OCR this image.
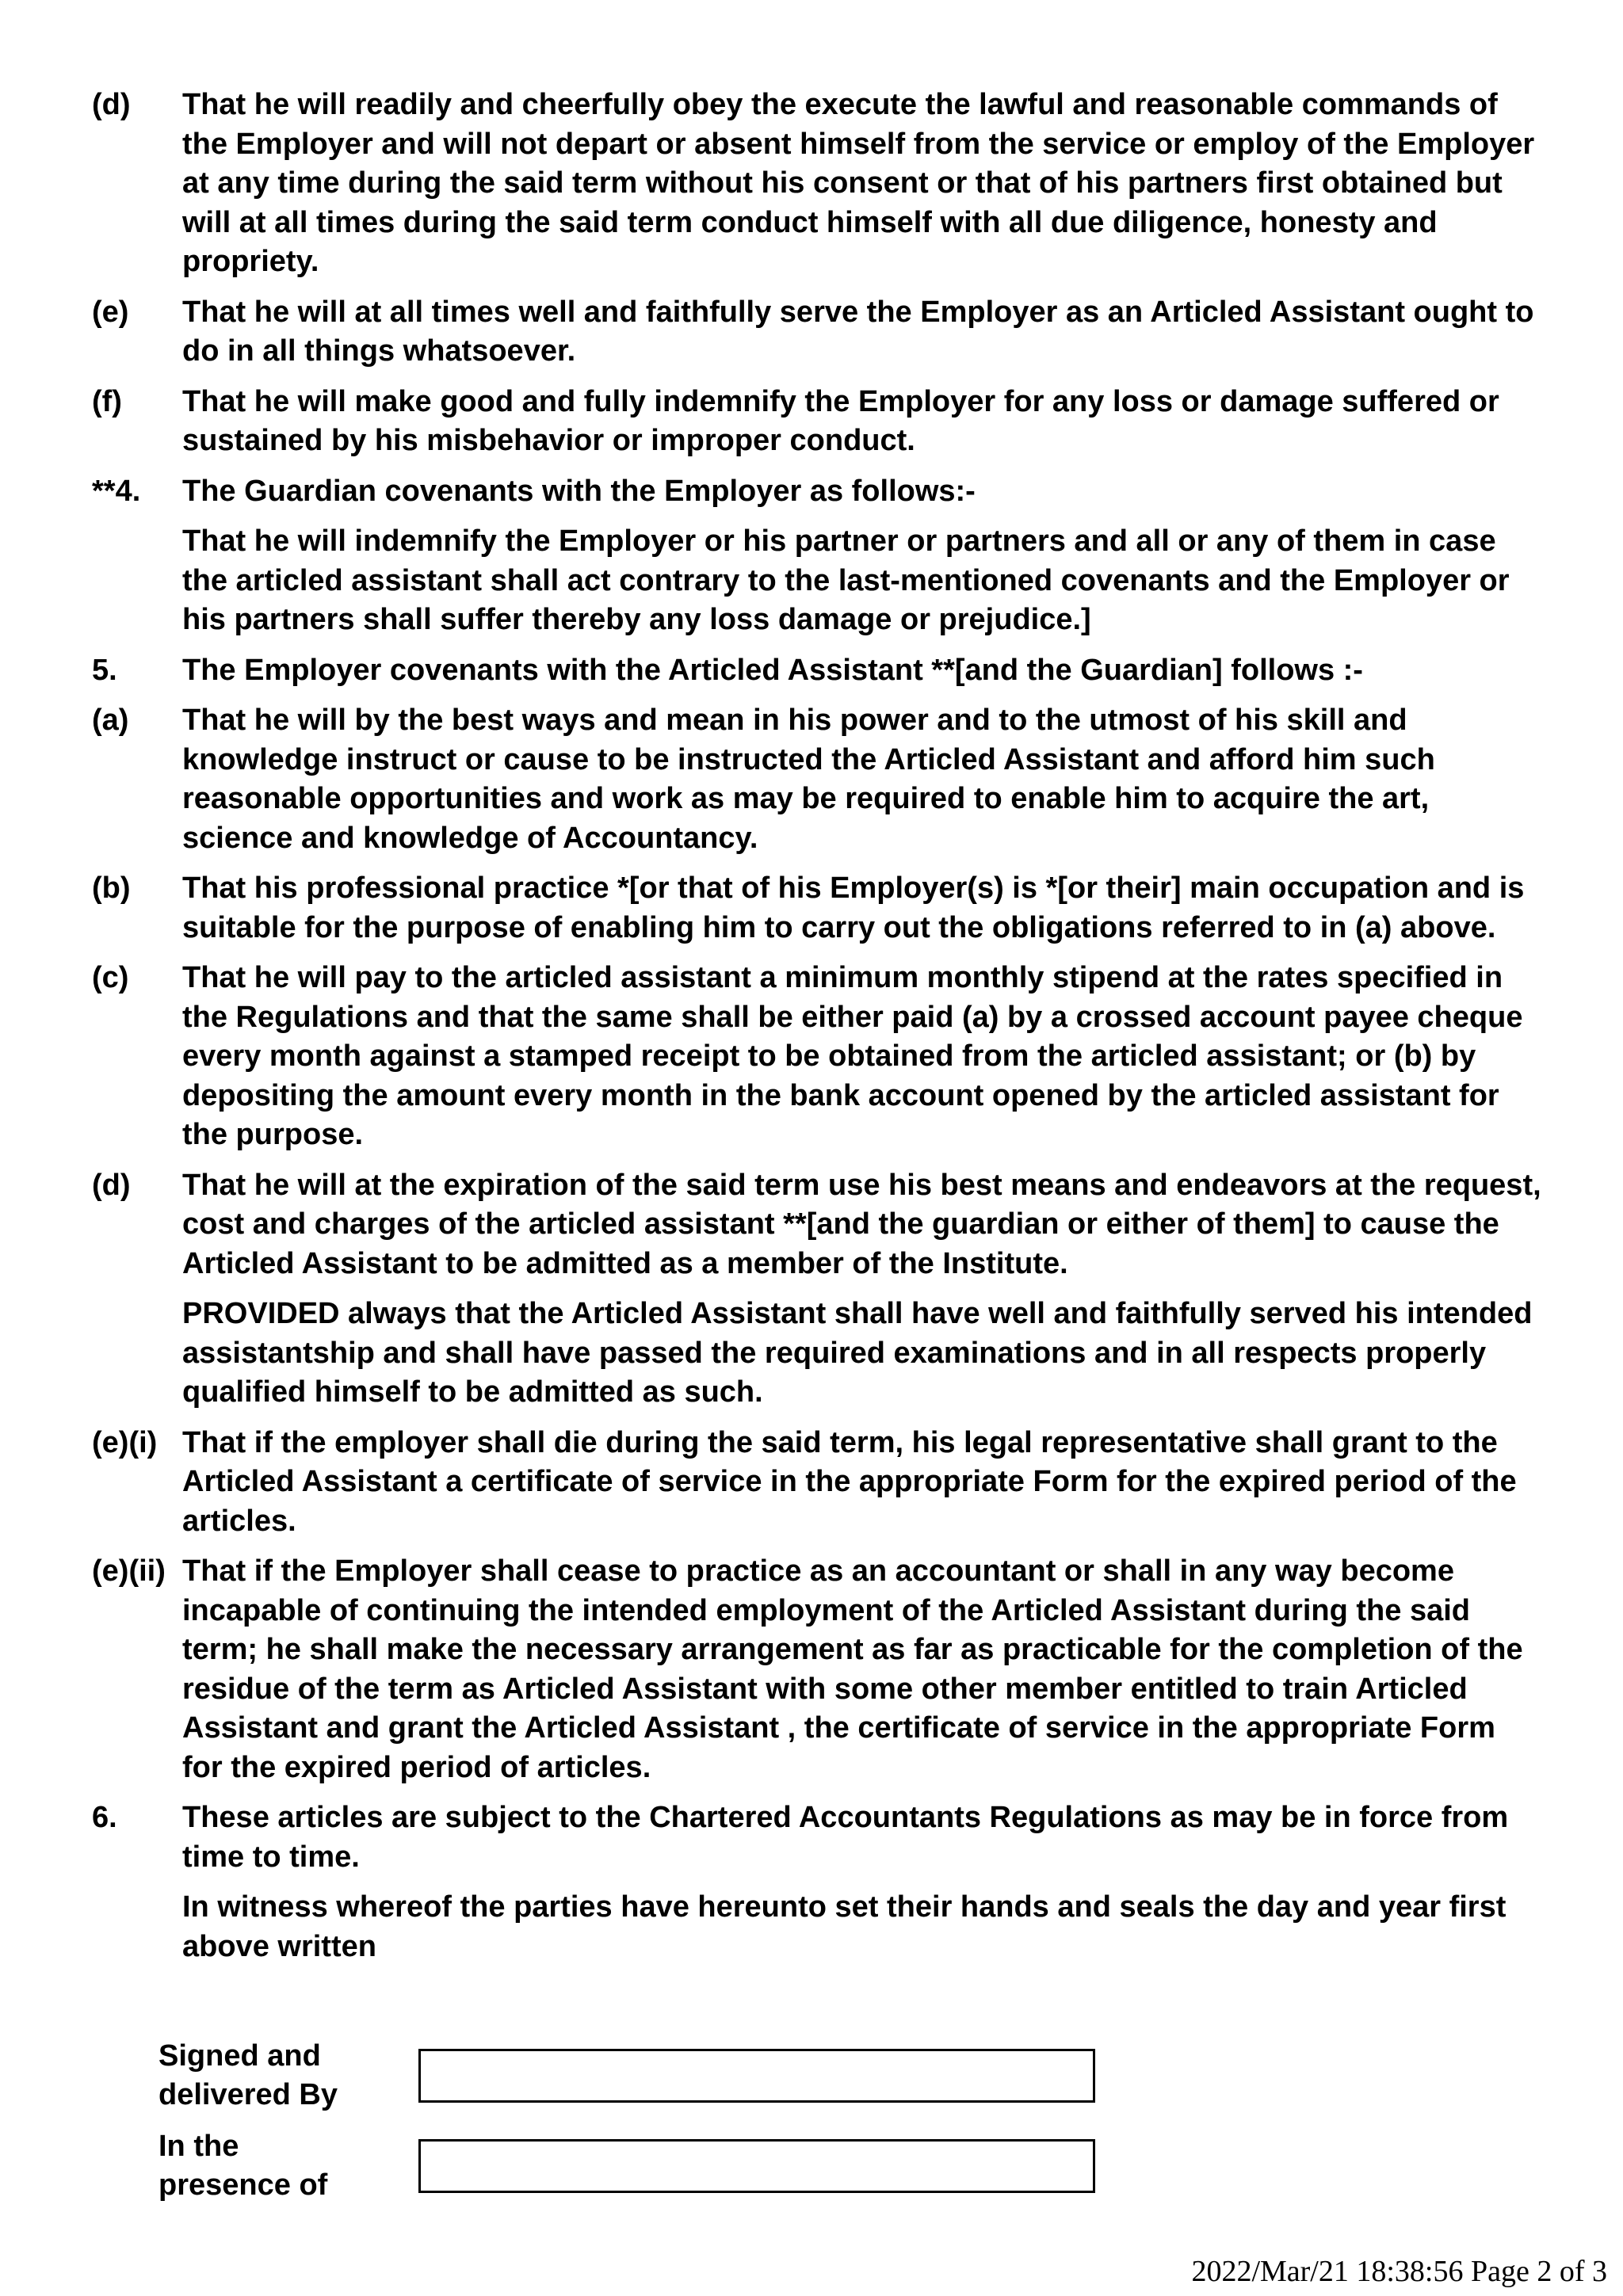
(d)	That he will readily and cheerfully obey the execute the lawful and reasonable commands of the Employer and will not depart or absent himself from the service or employ of the Employer at any time during the said term without his consent or that of his partners first obtained but will at all times during the said term conduct himself with all due diligence, honesty and propriety.
(e)	That he will at all times well and faithfully serve the Employer as an Articled Assistant ought to do in all things whatsoever.
(f)	That he will make good and fully indemnify the Employer for any loss or damage suffered or sustained by his misbehavior or improper conduct.
**4.	The Guardian covenants with the Employer as follows:-
That he will indemnify the Employer or his partner or partners and all or any of them in case the articled assistant shall act contrary to the last-mentioned covenants and the Employer or his partners shall suffer thereby any loss damage or prejudice.]
5.	The Employer covenants with the Articled Assistant **[and the Guardian] follows :-
(a)	That he will by the best ways and mean in his power and to the utmost of his skill and knowledge instruct or cause to be instructed the Articled Assistant and afford him such reasonable opportunities and work as may be required to enable him to acquire the art, science and knowledge of Accountancy.
(b)	That his professional practice *[or that of his Employer(s) is *[or their] main occupation and is suitable for the purpose of enabling him to carry out the obligations referred to in (a) above.
(c)	That he will pay to the articled assistant a minimum monthly stipend at the rates specified in the Regulations and that the same shall be either paid (a) by a crossed account payee cheque every month against a stamped receipt to be obtained from the articled assistant; or (b) by depositing the amount every month in the bank account opened by the articled assistant for the purpose.
(d)	That he will at the expiration of the said term use his best means and endeavors at the request, cost and charges of the articled assistant **[and the guardian or either of them] to cause the Articled Assistant to be admitted as a member of the Institute.
PROVIDED always that the Articled Assistant shall have well and faithfully served his intended assistantship and shall have passed the required examinations and in all respects properly qualified himself to be admitted as such.
(e)(i) That if the employer shall die during the said term, his legal representative shall grant to the Articled Assistant a certificate of service in the appropriate Form for the expired period of the articles.
(e)(ii) That if the Employer shall cease to practice as an accountant or shall in any way become incapable of continuing the intended employment of the Articled Assistant during the said term; he shall make the necessary arrangement as far as practicable for the completion of the residue of the term as Articled Assistant with some other member entitled to train Articled Assistant and grant the Articled Assistant , the certificate of service in the appropriate Form for the expired period of articles.
6.	These articles are subject to the Chartered Accountants Regulations as may be in force from time to time.
In witness whereof the parties have hereunto set their hands and seals the day and year first above written
Signed and
delivered By
In the
presence of
2022/Mar/21 18:38:56 Page 2 of 3
